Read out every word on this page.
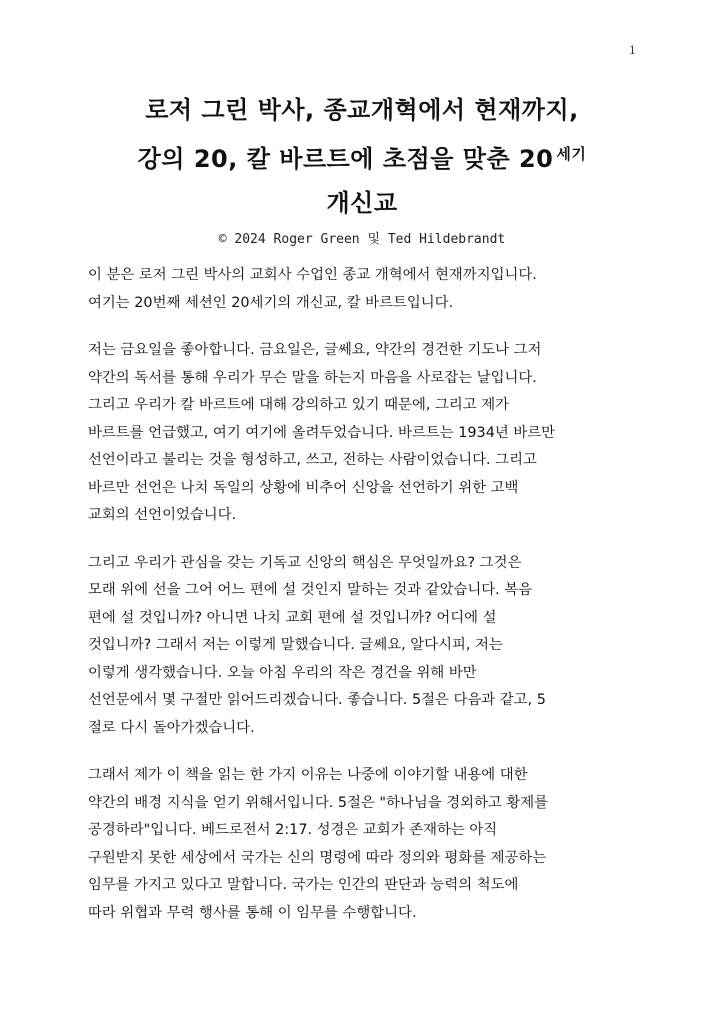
1
로저 그린 박사, 종교개혁에서 현재까지,
강의 20, 칼 바르트에 초점을 맞춘 20 $^{세기}$
개신교
© 2024 Roger Green 및 Ted Hildebrandt

이 분은 로저 그린 박사의 교회사 수업인 종교 개혁에서 현재까지입니다.
여기는 20번째 세션인 20세기의 개신교, 칼 바르트입니다.

저는 금요일을 좋아합니다. 금요일은, 글쎄요, 약간의 경건한 기도나 그저
약간의 독서를 통해 우리가 무슨 말을 하는지 마음을 사로잡는 날입니다.
그리고 우리가 칼 바르트에 대해 강의하고 있기 때문에, 그리고 제가
바르트를 언급했고, 여기 여기에 올려두었습니다. 바르트는 1934년 바르만
선언이라고 불리는 것을 형성하고, 쓰고, 전하는 사람이었습니다. 그리고
바르만 선언은 나치 독일의 상황에 비추어 신앙을 선언하기 위한 고백
교회의 선언이었습니다.

그리고 우리가 관심을 갖는 기독교 신앙의 핵심은 무엇일까요? 그것은
모래 위에 선을 그어 어느 편에 설 것인지 말하는 것과 같았습니다. 복음
편에 설 것입니까? 아니면 나치 교회 편에 설 것입니까? 어디에 설
것입니까? 그래서 저는 이렇게 말했습니다. 글쎄요, 알다시피, 저는
이렇게 생각했습니다. 오늘 아침 우리의 작은 경건을 위해 바만
선언문에서 몇 구절만 읽어드리겠습니다. 좋습니다. 5절은 다음과 같고, 5
절로 다시 돌아가겠습니다.

그래서 제가 이 책을 읽는 한 가지 이유는 나중에 이야기할 내용에 대한
약간의 배경 지식을 얻기 위해서입니다. 5절은 "하나님을 경외하고 황제를
공경하라"입니다. 베드로전서 2:17. 성경은 교회가 존재하는 아직
구원받지 못한 세상에서 국가는 신의 명령에 따라 정의와 평화를 제공하는
임무를 가지고 있다고 말합니다. 국가는 인간의 판단과 능력의 척도에
따라 위협과 무력 행사를 통해 이 임무를 수행합니다.
